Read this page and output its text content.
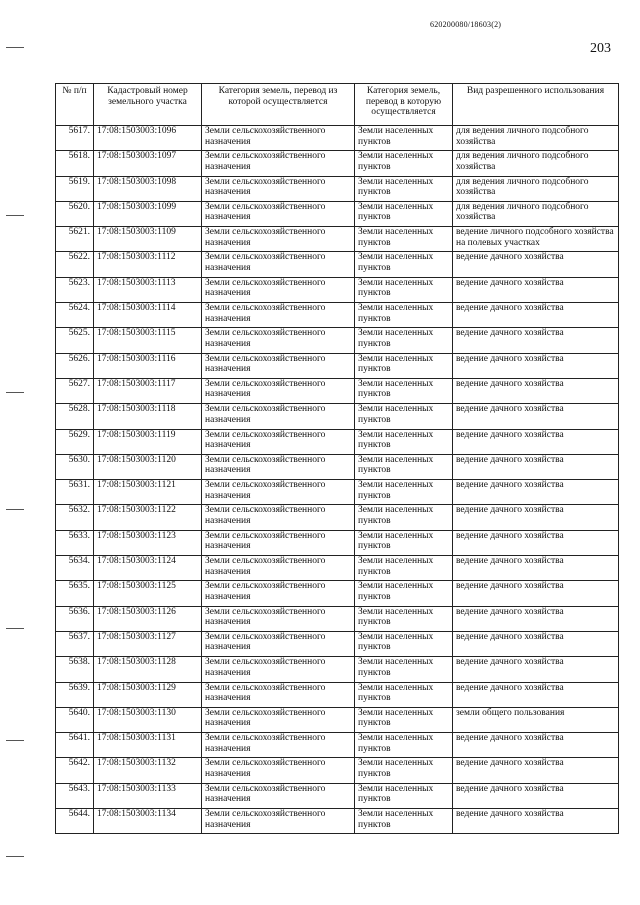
620200080/18603(2)
203
№ п/п	Кадастровый номер земельного участка	Категория земель, перевод из которой осуществляется	Категория земель, перевод в которую осуществляется	Вид разрешенного использования
5617.	17:08:1503003:1096	Земли сельскохозяйственного назначения	Земли населенных пунктов	для ведения личного подсобного хозяйства
5618.	17:08:1503003:1097	Земли сельскохозяйственного назначения	Земли населенных пунктов	для ведения личного подсобного хозяйства
5619.	17:08:1503003:1098	Земли сельскохозяйственного назначения	Земли населенных пунктов	для ведения личного подсобного хозяйства
5620.	17:08:1503003:1099	Земли сельскохозяйственного назначения	Земли населенных пунктов	для ведения личного подсобного хозяйства
5621.	17:08:1503003:1109	Земли сельскохозяйственного назначения	Земли населенных пунктов	ведение личного подсобного хозяйства на полевых участках
5622.	17:08:1503003:1112	Земли сельскохозяйственного назначения	Земли населенных пунктов	ведение дачного хозяйства
5623.	17:08:1503003:1113	Земли сельскохозяйственного назначения	Земли населенных пунктов	ведение дачного хозяйства
5624.	17:08:1503003:1114	Земли сельскохозяйственного назначения	Земли населенных пунктов	ведение дачного хозяйства
5625.	17:08:1503003:1115	Земли сельскохозяйственного назначения	Земли населенных пунктов	ведение дачного хозяйства
5626.	17:08:1503003:1116	Земли сельскохозяйственного назначения	Земли населенных пунктов	ведение дачного хозяйства
5627.	17:08:1503003:1117	Земли сельскохозяйственного назначения	Земли населенных пунктов	ведение дачного хозяйства
5628.	17:08:1503003:1118	Земли сельскохозяйственного назначения	Земли населенных пунктов	ведение дачного хозяйства
5629.	17:08:1503003:1119	Земли сельскохозяйственного назначения	Земли населенных пунктов	ведение дачного хозяйства
5630.	17:08:1503003:1120	Земли сельскохозяйственного назначения	Земли населенных пунктов	ведение дачного хозяйства
5631.	17:08:1503003:1121	Земли сельскохозяйственного назначения	Земли населенных пунктов	ведение дачного хозяйства
5632.	17:08:1503003:1122	Земли сельскохозяйственного назначения	Земли населенных пунктов	ведение дачного хозяйства
5633.	17:08:1503003:1123	Земли сельскохозяйственного назначения	Земли населенных пунктов	ведение дачного хозяйства
5634.	17:08:1503003:1124	Земли сельскохозяйственного назначения	Земли населенных пунктов	ведение дачного хозяйства
5635.	17:08:1503003:1125	Земли сельскохозяйственного назначения	Земли населенных пунктов	ведение дачного хозяйства
5636.	17:08:1503003:1126	Земли сельскохозяйственного назначения	Земли населенных пунктов	ведение дачного хозяйства
5637.	17:08:1503003:1127	Земли сельскохозяйственного назначения	Земли населенных пунктов	ведение дачного хозяйства
5638.	17:08:1503003:1128	Земли сельскохозяйственного назначения	Земли населенных пунктов	ведение дачного хозяйства
5639.	17:08:1503003:1129	Земли сельскохозяйственного назначения	Земли населенных пунктов	ведение дачного хозяйства
5640.	17:08:1503003:1130	Земли сельскохозяйственного назначения	Земли населенных пунктов	земли общего пользования
5641.	17:08:1503003:1131	Земли сельскохозяйственного назначения	Земли населенных пунктов	ведение дачного хозяйства
5642.	17:08:1503003:1132	Земли сельскохозяйственного назначения	Земли населенных пунктов	ведение дачного хозяйства
5643.	17:08:1503003:1133	Земли сельскохозяйственного назначения	Земли населенных пунктов	ведение дачного хозяйства
5644.	17:08:1503003:1134	Земли сельскохозяйственного назначения	Земли населенных пунктов	ведение дачного хозяйства
